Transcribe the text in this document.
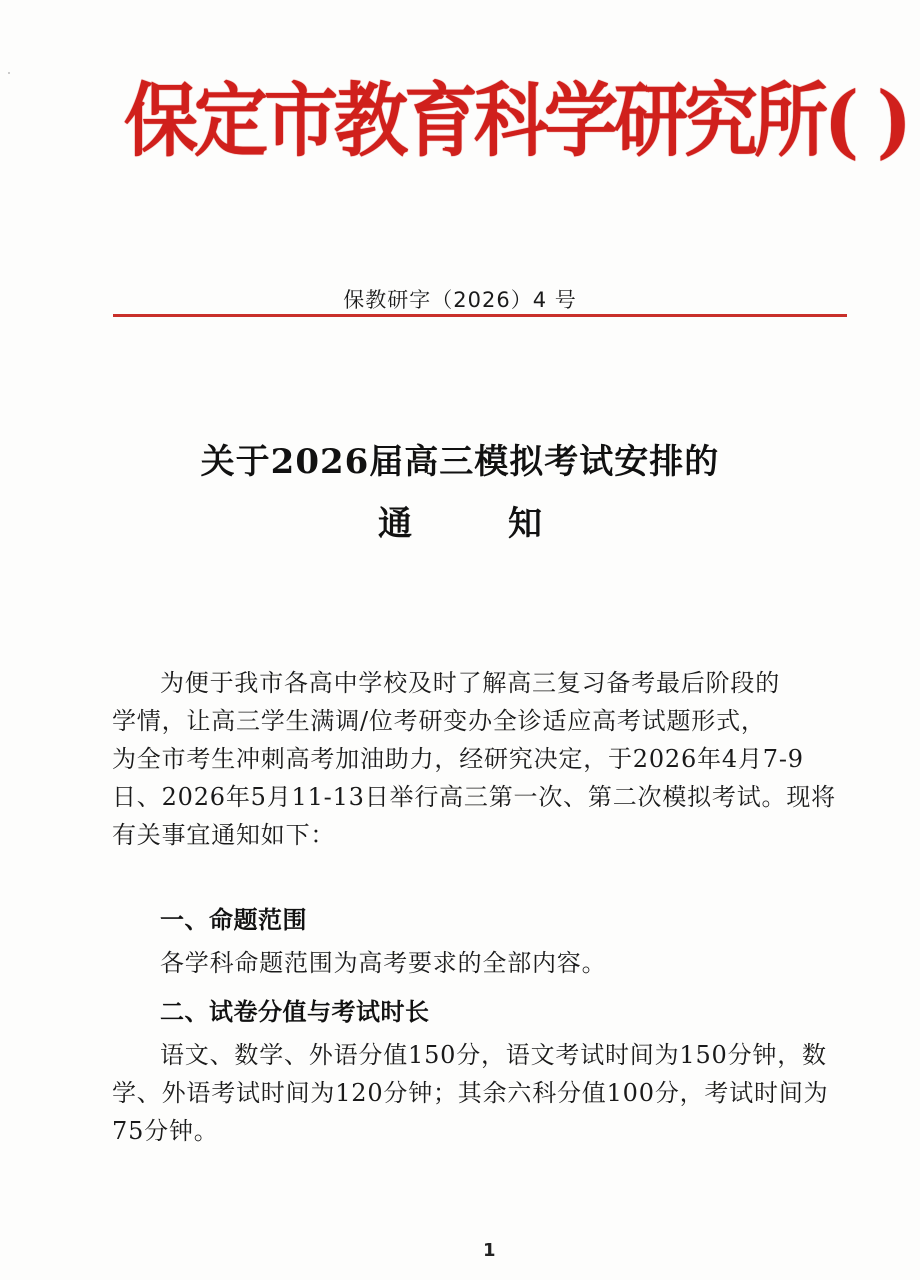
保定市教育科学研究所( )
保教研字（2026）4 号
关于2026届高三模拟考试安排的
通	知
为便于我市各高中学校及时了解高三复习备考最后阶段的
学情，让高三学生满调/位考研变办全诊适应高考试题形式，
为全市考生冲刺高考加油助力，经研究决定，于2026年4月7-9
日、2026年5月11-13日举行高三第一次、第二次模拟考试。现将
有关事宜通知如下：
一、命题范围
各学科命题范围为高考要求的全部内容。
二、试卷分值与考试时长
语文、数学、外语分值150分，语文考试时间为150分钟，数
学、外语考试时间为120分钟；其余六科分值100分，考试时间为
75分钟。
1
